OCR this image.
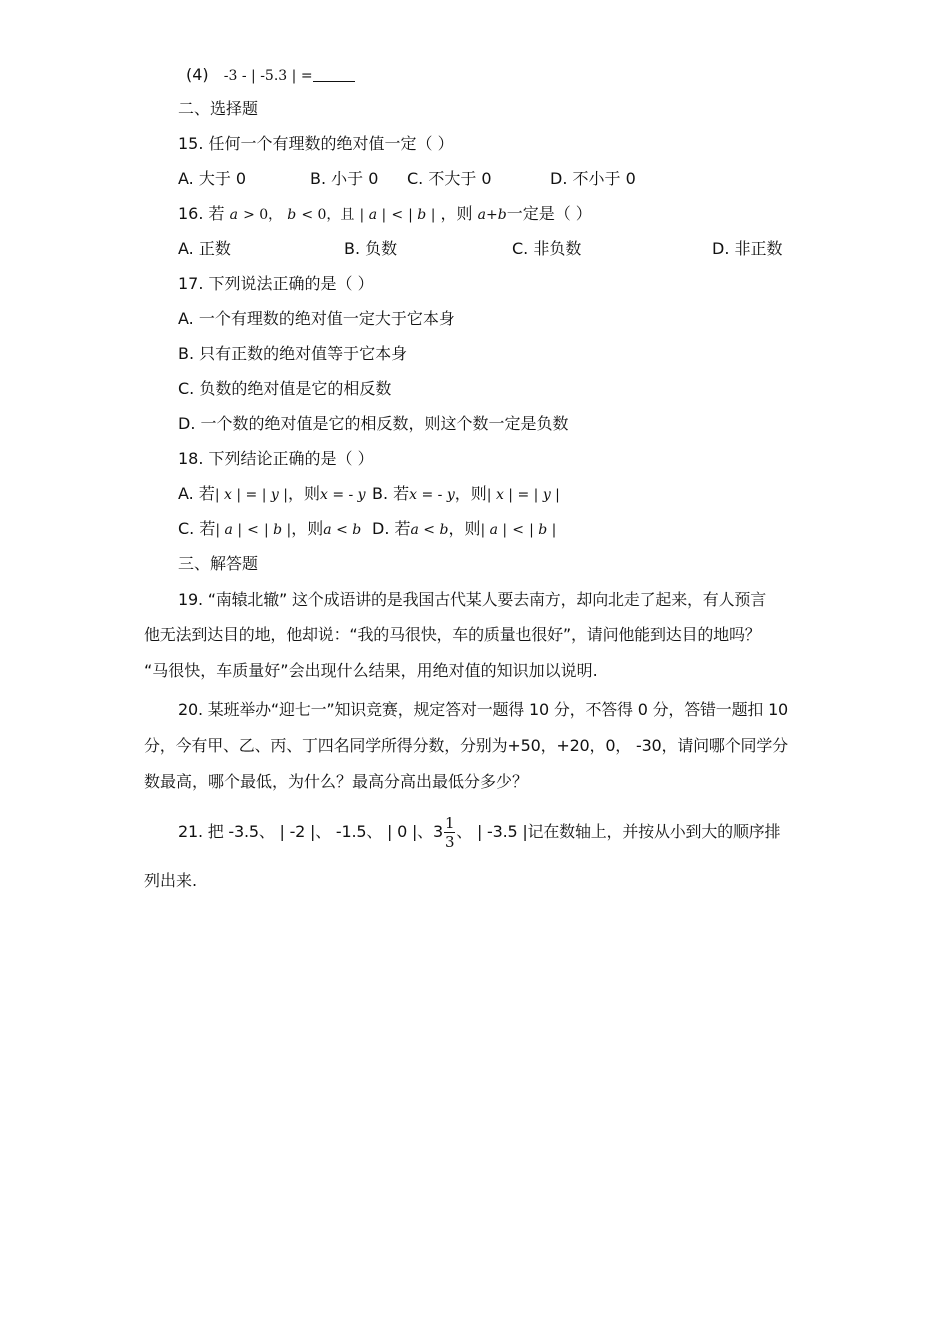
(4) -3 - | -5.3 | =
二、选择题
15. 任何一个有理数的绝对值一定（ ）
A. 大于 0	B. 小于 0 C. 不大于 0	D. 不小于 0
16. 若 a > 0， b < 0，且 | a | < | b | ，则 a+b一定是（ ）
A. 正数	B. 负数	C. 非负数	D. 非正数
17. 下列说法正确的是（ ）
A. 一个有理数的绝对值一定大于它本身
B. 只有正数的绝对值等于它本身
C. 负数的绝对值是它的相反数
D. 一个数的绝对值是它的相反数，则这个数一定是负数
18. 下列结论正确的是（ ）
A. 若| x | = | y |，则x = - y B. 若x = - y，则| x | = | y |
C. 若| a | < | b |，则a < b D. 若a < b，则| a | < | b |
三、解答题
19. “南辕北辙” 这个成语讲的是我国古代某人要去南方，却向北走了起来，有人预言
他无法到达目的地，他却说：“我的马很快，车的质量也很好”，请问他能到达目的地吗？
“马很快，车质量好”会出现什么结果，用绝对值的知识加以说明.
20. 某班举办“迎七一”知识竞赛，规定答对一题得 10 分，不答得 0 分，答错一题扣 10
分，今有甲、乙、丙、丁四名同学所得分数，分别为+50，+20，0， -30，请问哪个同学分
数最高，哪个最低，为什么？最高分高出最低分多少？
21. 把 -3.5、 | -2 |、 -1.5、 | 0 |、$3 \frac{1}{3}$ 、 | -3.5 |记在数轴上，并按从小到大的顺序排
列出来.
